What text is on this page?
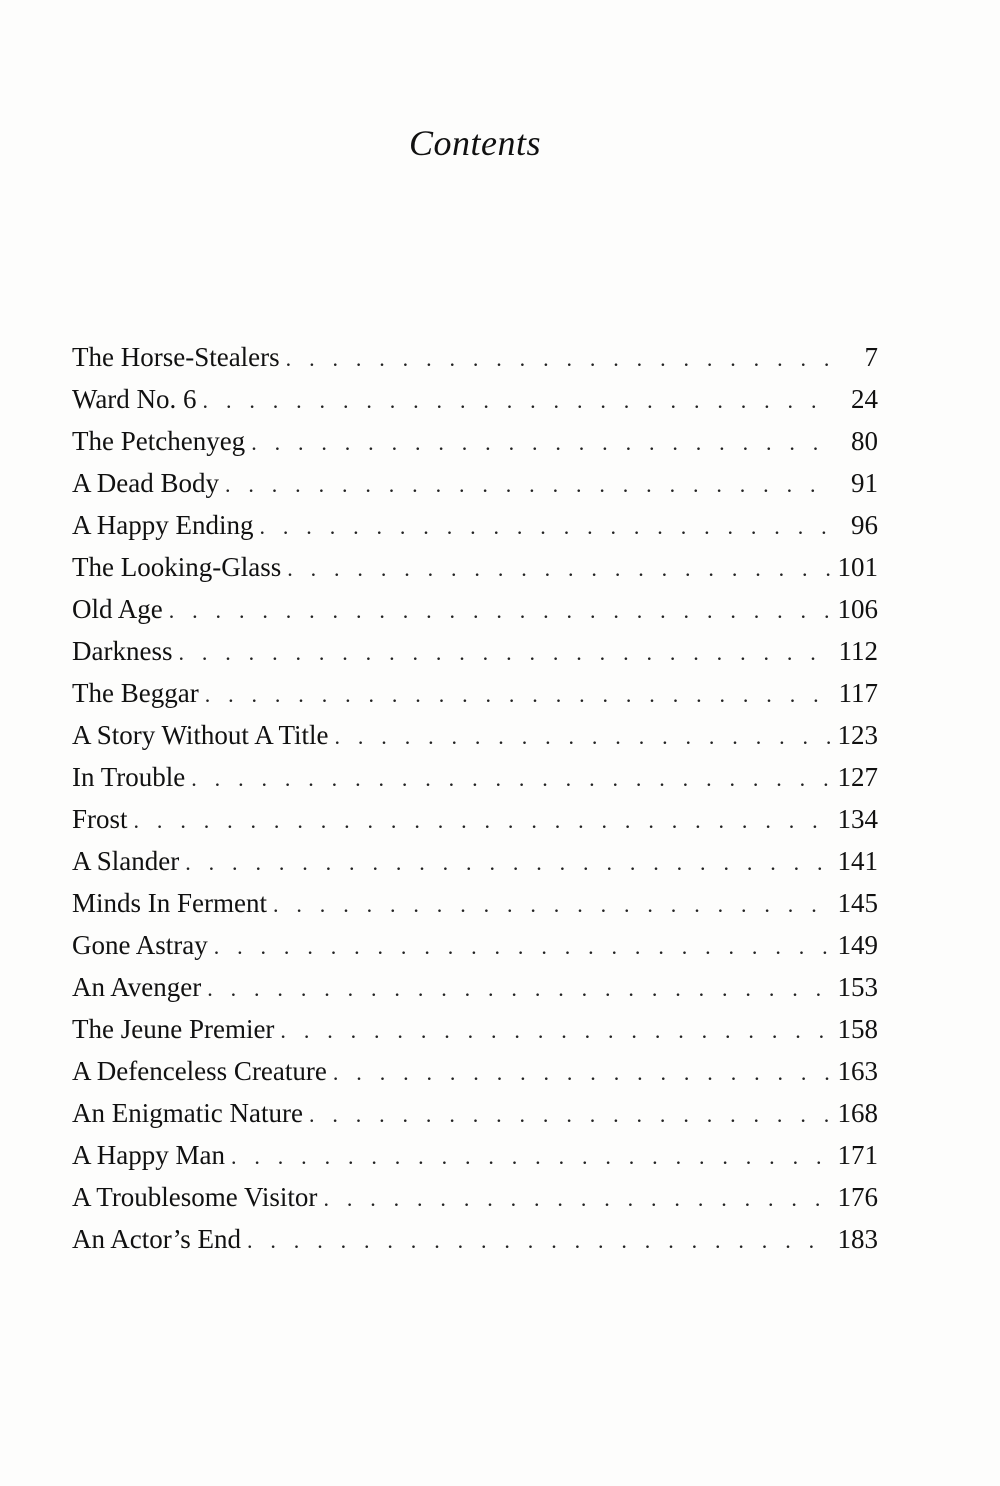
Contents
The Horse-Stealers . . .	7
Ward No. 6 . . .	24
The Petchenyeg . . .	80
A Dead Body . . .	91
A Happy Ending . . .	96
The Looking-Glass . . .	101
Old Age . . .	106
Darkness . . .	112
The Beggar . . .	117
A Story Without A Title . . .	123
In Trouble . . .	127
Frost . . .	134
A Slander . . .	141
Minds In Ferment . . .	145
Gone Astray . . .	149
An Avenger . . .	153
The Jeune Premier . . .	158
A Defenceless Creature . . .	163
An Enigmatic Nature . . .	168
A Happy Man . . .	171
A Troublesome Visitor . . .	176
An Actor’s End . . .	183
